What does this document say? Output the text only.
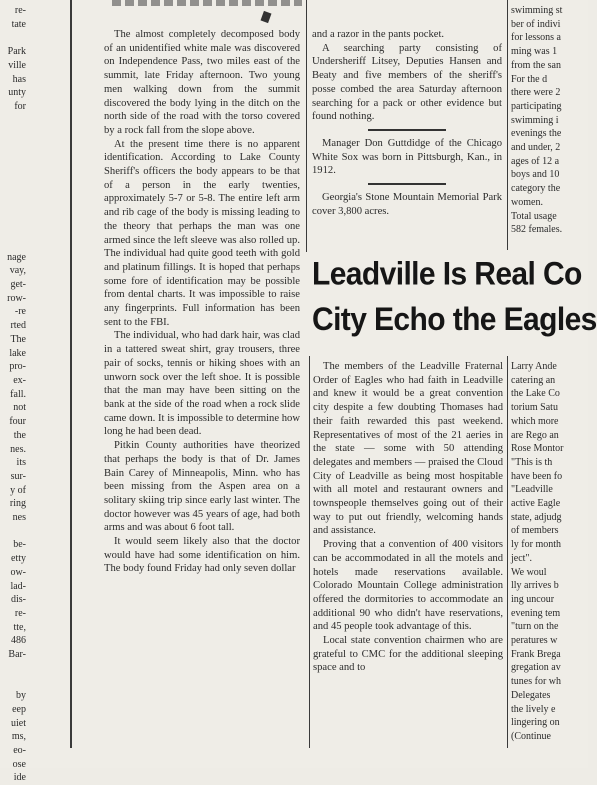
re-
tate

Park
ville
has
unty
for

nage
vay,
get-
row-
-re
rted
The
lake
pro-
ex-
fall.
not
four
the
nes.
its
sur-
y of
ring
nes

be-
etty
ow-
lad-
dis-
re-
tte,
486
Bar-

by
eep
uiet
ms,
eo-
ose
ide

The almost completely decomposed body of an unidentified white male was discovered on Independence Pass, two miles east of the summit, late Friday afternoon. Two young men walking down from the summit discovered the body lying in the ditch on the north side of the road with the torso covered by a rock fall from the slope above.

At the present time there is no apparent identification. According to Lake County Sheriff's officers the body appears to be that of a person in the early twenties, approximately 5-7 or 5-8. The entire left arm and rib cage of the body is missing leading to the theory that perhaps the man was one armed since the left sleeve was also rolled up. The individual had quite good teeth with gold and platinum fillings. It is hoped that perhaps some fore of identification may be possible from dental charts. It was impossible to raise any fingerprints. Full information has been sent to the FBI.

The individual, who had dark hair, was clad in a tattered sweat shirt, gray trousers, three pair of socks, tennis or hiking shoes with an unworn sock over the left shoe. It is possible that the man may have been sitting on the bank at the side of the road when a rock slide came down. It is impossible to determine how long he had been dead.

Pitkin County authorities have theorized that perhaps the body is that of Dr. James Bain Carey of Minneapolis, Minn. who has been missing from the Aspen area on a solitary skiing trip since early last winter. The doctor however was 45 years of age, had both arms and was about 6 foot tall.

It would seem likely also that the doctor would have had some identification on him. The body found Friday had only seven dollar

and a razor in the pants pocket.

A searching party consisting of Undersheriff Litsey, Deputies Hansen and Beaty and five members of the sheriff's posse combed the area Saturday afternoon searching for a pack or other evidence but found nothing.

Manager Don Guttdidge of the Chicago White Sox was born in Pittsburgh, Kan., in 1912.

Georgia's Stone Mountain Memorial Park cover 3,800 acres.

swimming st
ber of indivi
for lessons a
ming was 1
from the san
For the d
there were 2
participating
swimming i
evenings the
and under, 2
ages of 12 a
boys and 10
category the
women.
Total usage
582 females.
Leadville Is Real Co
City Echo the Eagles

The members of the Leadville Fraternal Order of Eagles who had faith in Leadville and knew it would be a great convention city despite a few doubting Thomases had their faith rewarded this past weekend. Representatives of most of the 21 aeries in the state — some with 50 attending delegates and members — praised the Cloud City of Leadville as being most hospitable with all motel and restaurant owners and townspeople themselves going out of their way to put out friendly, welcoming hands and assistance.

Proving that a convention of 400 visitors can be accommodated in all the motels and hotels made reservations available. Colorado Mountain College administration offered the dormitories to accommodate an additional 90 who didn't have reservations, and 45 people took advantage of this.

Local state convention chairmen who are grateful to CMC for the additional sleeping space and to

Larry Ande
catering an
the Lake Co
torium Satu
which more
are Rego an
Rose Montor
"This is th
have been fo
"Leadville
active Eagle
state, adjudg
of members
ly for month
ject".
We woul
lly arrives b
ing uncour
evening tem
"turn on the
peratures w
Frank Brega
gregation av
tunes for wh
Delegates
the lively e
lingering on
(Continue
